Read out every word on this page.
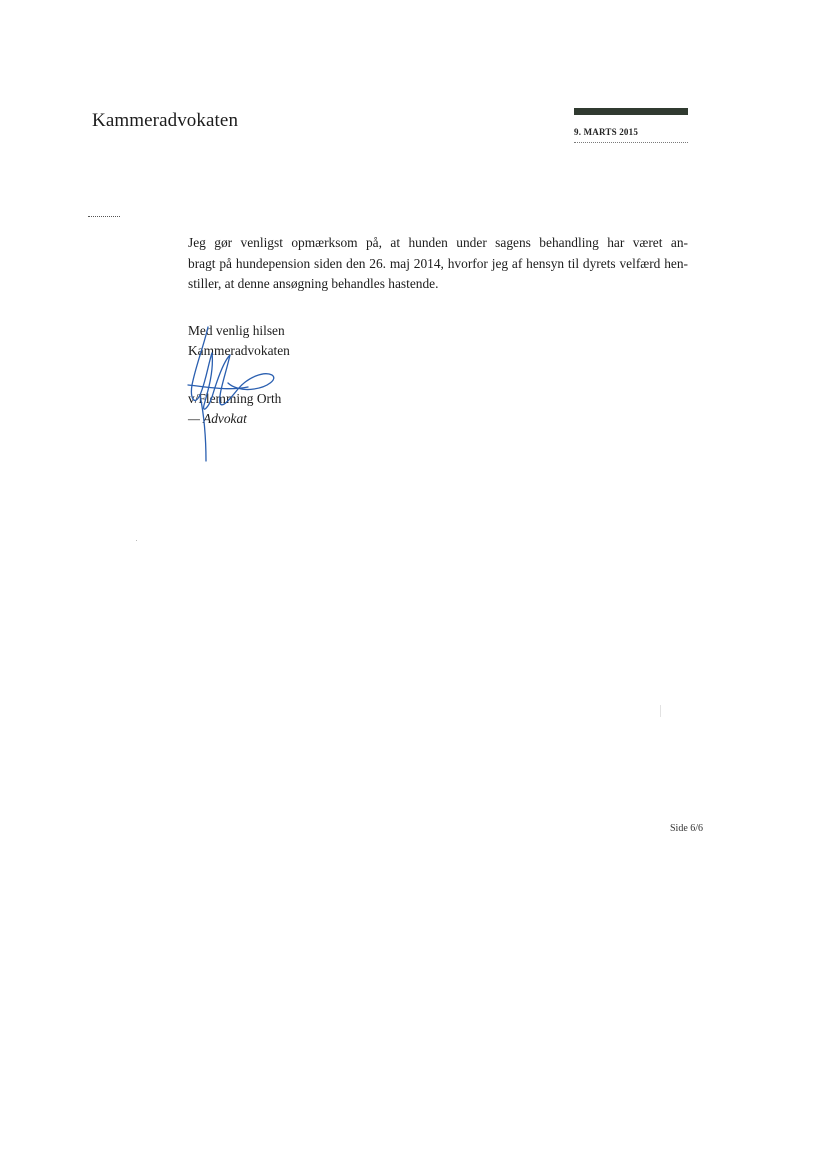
Kammeradvokaten
9. MARTS 2015
Jeg gør venligst opmærksom på, at hunden under sagens behandling har været an-
bragt på hundepension siden den 26. maj 2014, hvorfor jeg af hensyn til dyrets velfærd hen-
stiller, at denne ansøgning behandles hastende.
Med venlig hilsen
Kammeradvokaten
v/Flemming Orth
— Advokat
Side 6/6
